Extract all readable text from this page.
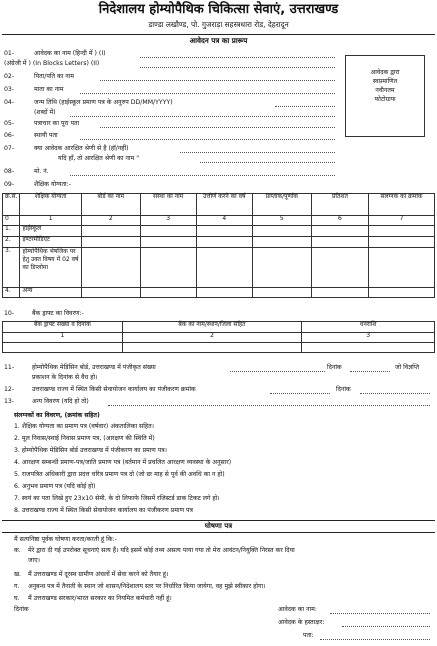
निदेशालय होम्योपैथिक चिकित्सा सेवाएं, उत्तराखण्ड
डाण्डा लखौण्ड, पो. गुजराड़ा सहस्त्रधारा रोड, देहरादून
आवेदन पत्र का प्रारूप
आवेदक द्वारा
स्वप्रमाणित
नवीनतम
फोटोग्राफ
01-	आवेदक का नाम (हिन्दी में ) (I)
(अंग्रेजी में ) (In Blocks Letters) (II)
02-	पिता/पति का नाम
03-	माता का नाम
04-	जन्म तिथि (हाईस्कूल प्रमाण पत्र के अनुरुप DD/MM/YYYY)
(शब्दों में)
05-	पत्राचार का पूरा पता
06-	स्थायी पता
07-	क्या आवेदक आरक्षित श्रेणी से है (हॉ/नहीं)
यदि हाँ, तो आरक्षित श्रेणी का नाम "
08-	मो. नं.
09-	शैक्षिक योग्यता:-
क्र.सं.	शैक्षिक योग्यता	बोर्ड का नाम	संस्था का नाम	उत्तीर्ण करने का वर्ष	प्राप्तांक/पूर्णांक	प्रतिशत	संलग्नक का क्रमांक
0	1	2	3	4	5	6	7
1.	हाईस्कूल						
2.	इण्टरमीडिएट						
3.	होम्योपैथिक भेषजिक पर हेतु उक्त विषय में 02 वर्ष का डिप्लोमा						
4.	अन्य						
10-	बैंक ड्राफ्ट का विवरण:-
बैंक ड्राफ्ट संख्या व दिनांक	बैंक का नाम/स्थान/जिला सहित	धनराशि
1	2	3

11-	होम्योपैथिक मेडिसिन बोर्ड, उत्तराखण्ड में पंजीकृत संख्या	दिनांक	जो विज्ञप्ति
प्रकाशन के दिनांक से वैध हो।
12-	उत्तराखण्ड राज्य में स्थित किसी सेवायोजन कार्यालय का पंजीकरण क्रमांक	दिनांक
13-	अन्य विवरण (यदि हो तो)
संलग्नकों का विवरण, (क्रमांक सहित)
1. शैक्षिक योग्यता का प्रमाण पत्र (वर्षवार) अंकतालिका सहित।
2. मूल निवास/स्थाई निवास प्रमाण पत्र, (आरक्षण की स्थिति में)
3. होम्योपैथिक मेडिसिन बोर्ड उत्तराखण्ड में पंजीकरण का प्रमाण पत्र।
4. आरक्षण सम्बन्धी प्रमाण-पत्र/जाति प्रमाण पत्र (वर्तमान में प्रचलित आरक्षण व्यवस्था के अनुसार)
5. राजपत्रित अधिकारी द्वारा प्रदत्त चरित्र प्रमाण पत्र दो (जो छः माह से पूर्व की अवधि का न हो)
6. अनुभव प्रमाण पत्र (यदि कोई हो)
7. स्वयं का पता लिखे हुए 23x10 सेमी. के दो लिफाफे जिसमें रजिस्टर्ड डाक टिकट लगे हो।
8. उत्तराखण्ड राज्य में स्थित किसी सेवायोजन कार्यालय का पंजीकरण प्रमाण पत्र
घोषणा पत्र
मैं सत्यनिष्ठा पूर्वक घोषणा करता/करती हूं कि:-
क. मेरे द्वारा दी गई उपरोक्त सूचनाएं सत्य हैं। यदि इसमें कोई तथ्य असत्य पाया गया तो मेरा आवंटन/नियुक्ति निरस्त कर दिया
जाए।
ख. मैं उत्तराखण्ड में दूरस्थ ग्रामीण अंचलों में सेवा करने को तैयार हूं।
ग. अनुबन्ध पत्र में तैनाती के स्थान जो शासन/निदेशालय स्तर पर निर्धारित किया जायेगा, वह मुझे स्वीकार होगा।
घ. मैं उत्तराखण्ड सरकार/भारत सरकार का नियमित कर्मचारी नहीं हूं।
दिनांक	आवेदक का नाम:
आवेदक के हस्ताक्षर:
पता:
